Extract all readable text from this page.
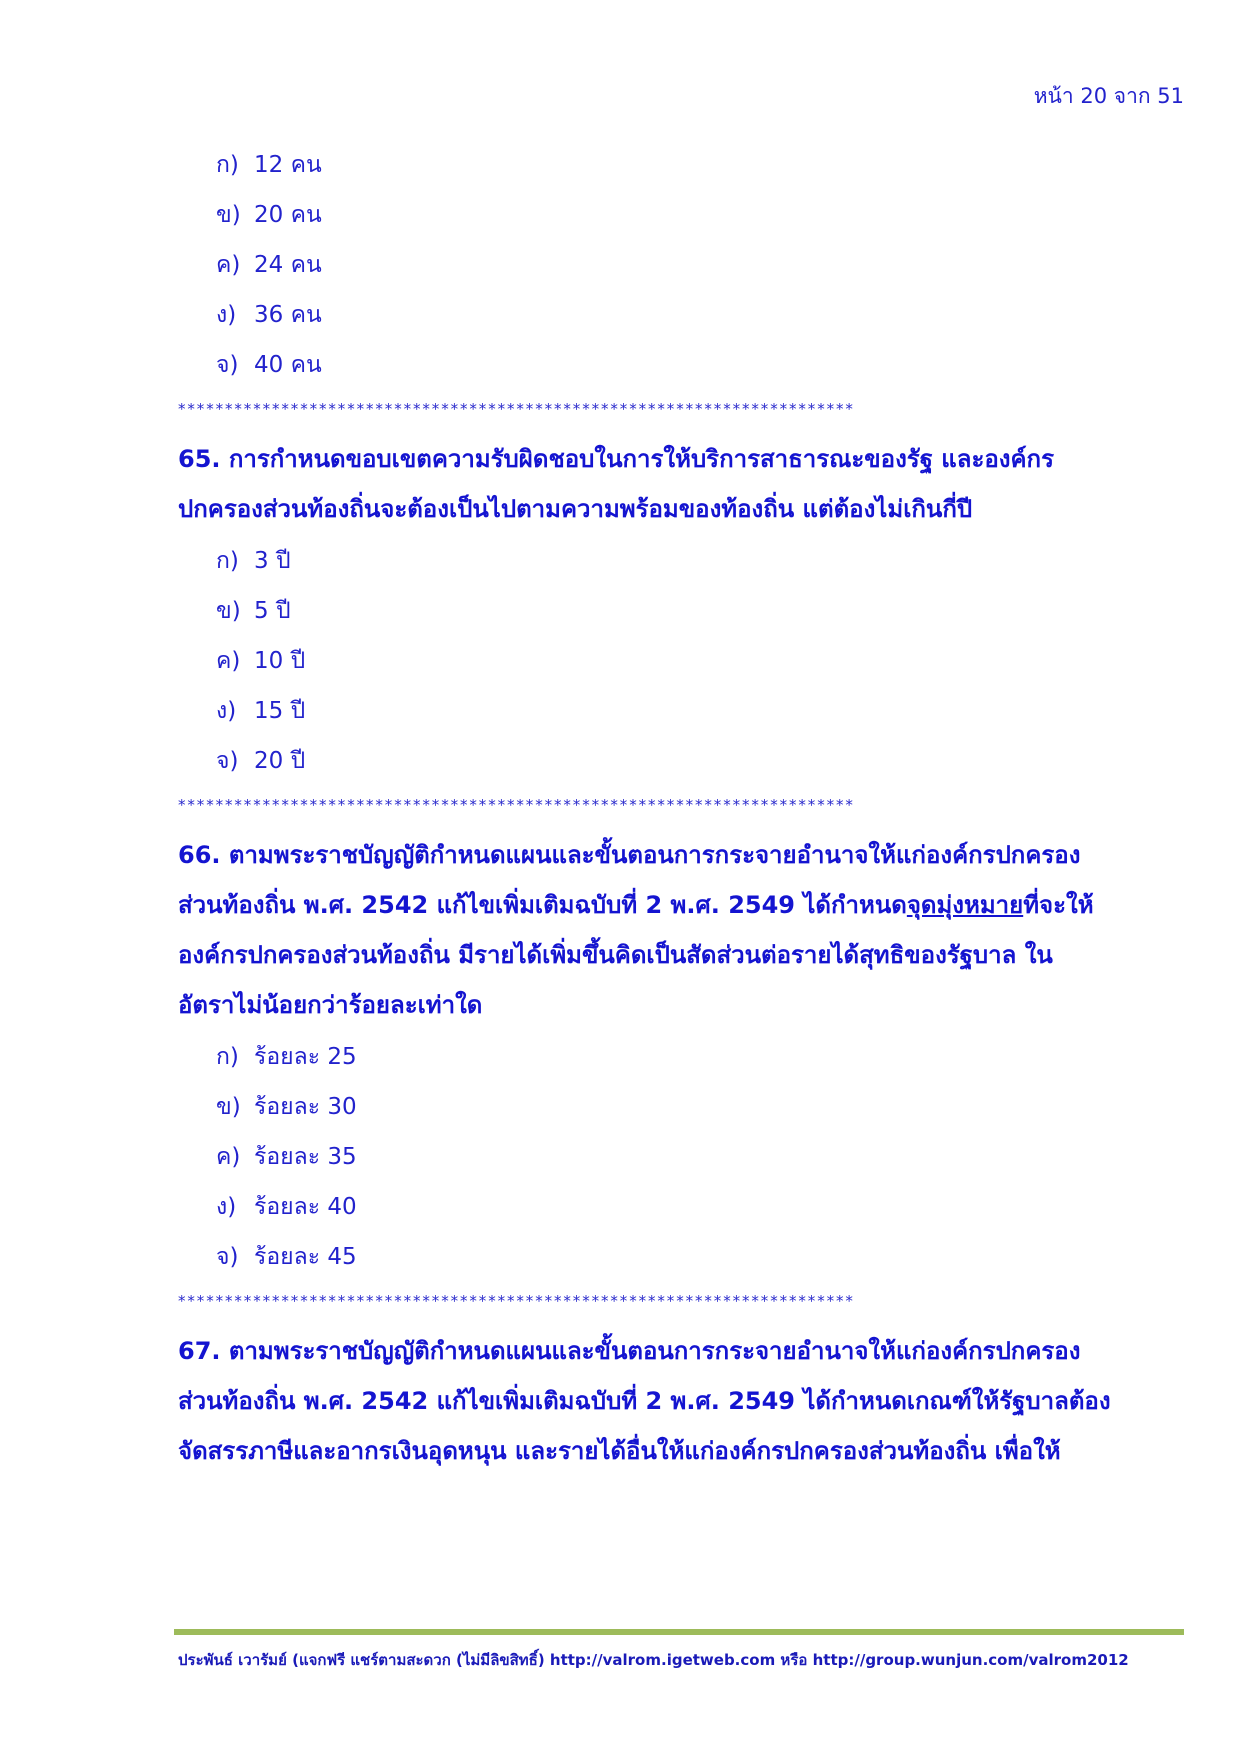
หน้า 20 จาก 51
ก) 12 คน
ข) 20 คน
ค) 24 คน
ง) 36 คน
จ) 40 คน
************************************************************************
65. การกำหนดขอบเขตความรับผิดชอบในการให้บริการสาธารณะของรัฐ และองค์กร
ปกครองส่วนท้องถิ่นจะต้องเป็นไปตามความพร้อมของท้องถิ่น แต่ต้องไม่เกินกี่ปี
ก) 3 ปี
ข) 5 ปี
ค) 10 ปี
ง) 15 ปี
จ) 20 ปี
************************************************************************
66. ตามพระราชบัญญัติกำหนดแผนและขั้นตอนการกระจายอำนาจให้แก่องค์กรปกครอง
ส่วนท้องถิ่น พ.ศ. 2542 แก้ไขเพิ่มเติมฉบับที่ 2 พ.ศ. 2549 ได้กำหนดจุดมุ่งหมายที่จะให้
องค์กรปกครองส่วนท้องถิ่น มีรายได้เพิ่มขึ้นคิดเป็นสัดส่วนต่อรายได้สุทธิของรัฐบาล ใน
อัตราไม่น้อยกว่าร้อยละเท่าใด
ก) ร้อยละ 25
ข) ร้อยละ 30
ค) ร้อยละ 35
ง) ร้อยละ 40
จ) ร้อยละ 45
************************************************************************
67. ตามพระราชบัญญัติกำหนดแผนและขั้นตอนการกระจายอำนาจให้แก่องค์กรปกครอง
ส่วนท้องถิ่น พ.ศ. 2542 แก้ไขเพิ่มเติมฉบับที่ 2 พ.ศ. 2549 ได้กำหนดเกณฑ์ให้รัฐบาลต้อง
จัดสรรภาษีและอากรเงินอุดหนุน และรายได้อื่นให้แก่องค์กรปกครองส่วนท้องถิ่น เพื่อให้
ประพันธ์ เวารัมย์ (แจกฟรี แชร์ตามสะดวก (ไม่มีลิขสิทธิ์) http://valrom.igetweb.com หรือ http://group.wunjun.com/valrom2012
